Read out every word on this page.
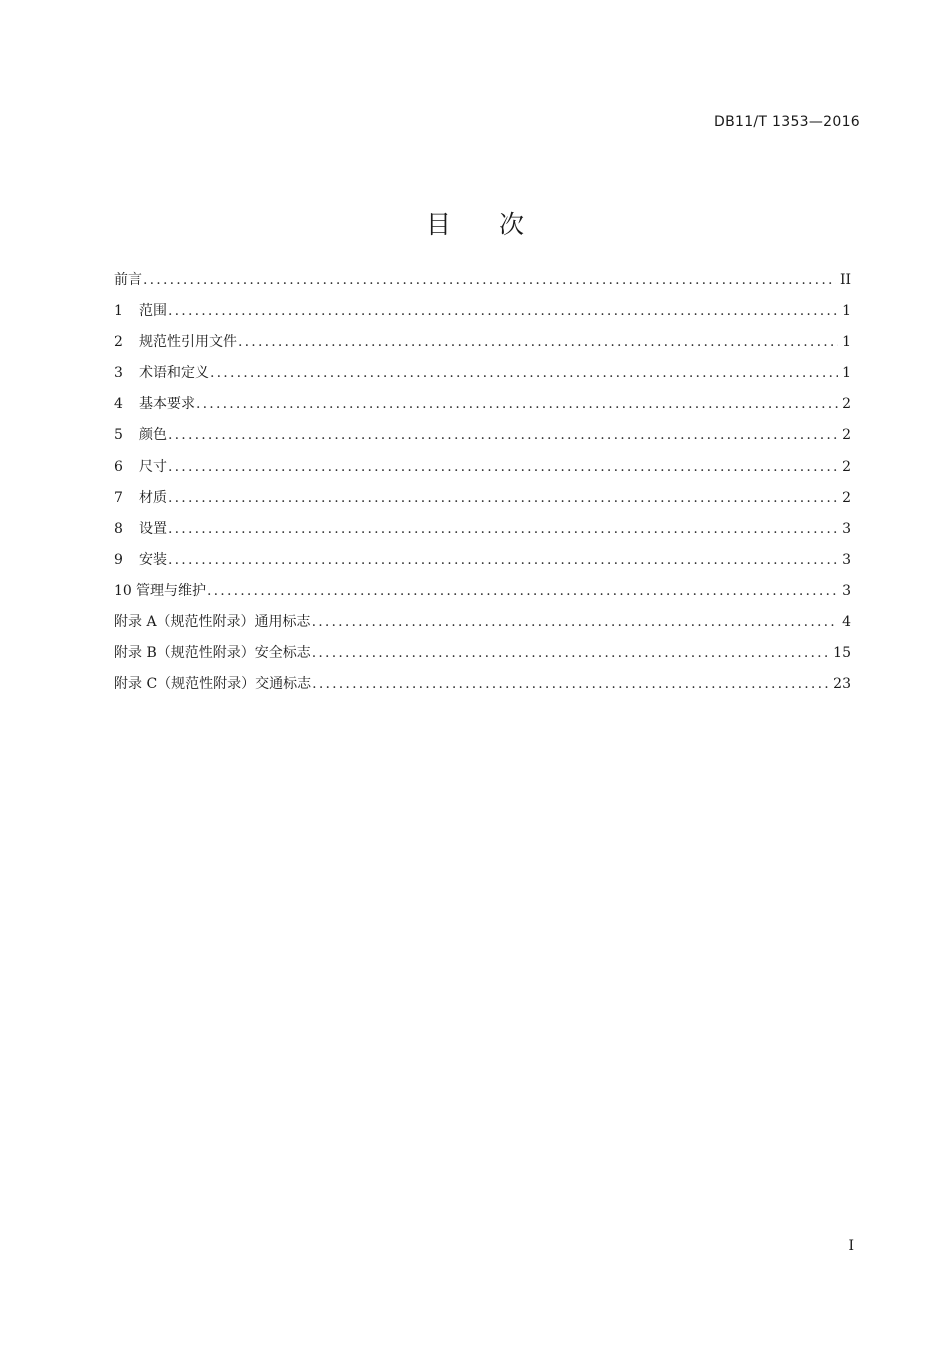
DB11/T 1353—2016
目 次
前言 .....	II
1	范围 .....	1
2	规范性引用文件 .....	1
3	术语和定义 .....	1
4	基本要求 .....	2
5	颜色 .....	2
6	尺寸 .....	2
7	材质 .....	2
8	设置 .....	3
9	安装 .....	3
10 管理与维护 .....	3
附录 A（规范性附录）通用标志 .....	4
附录 B（规范性附录）安全标志 .....	15
附录 C（规范性附录）交通标志 .....	23
I
